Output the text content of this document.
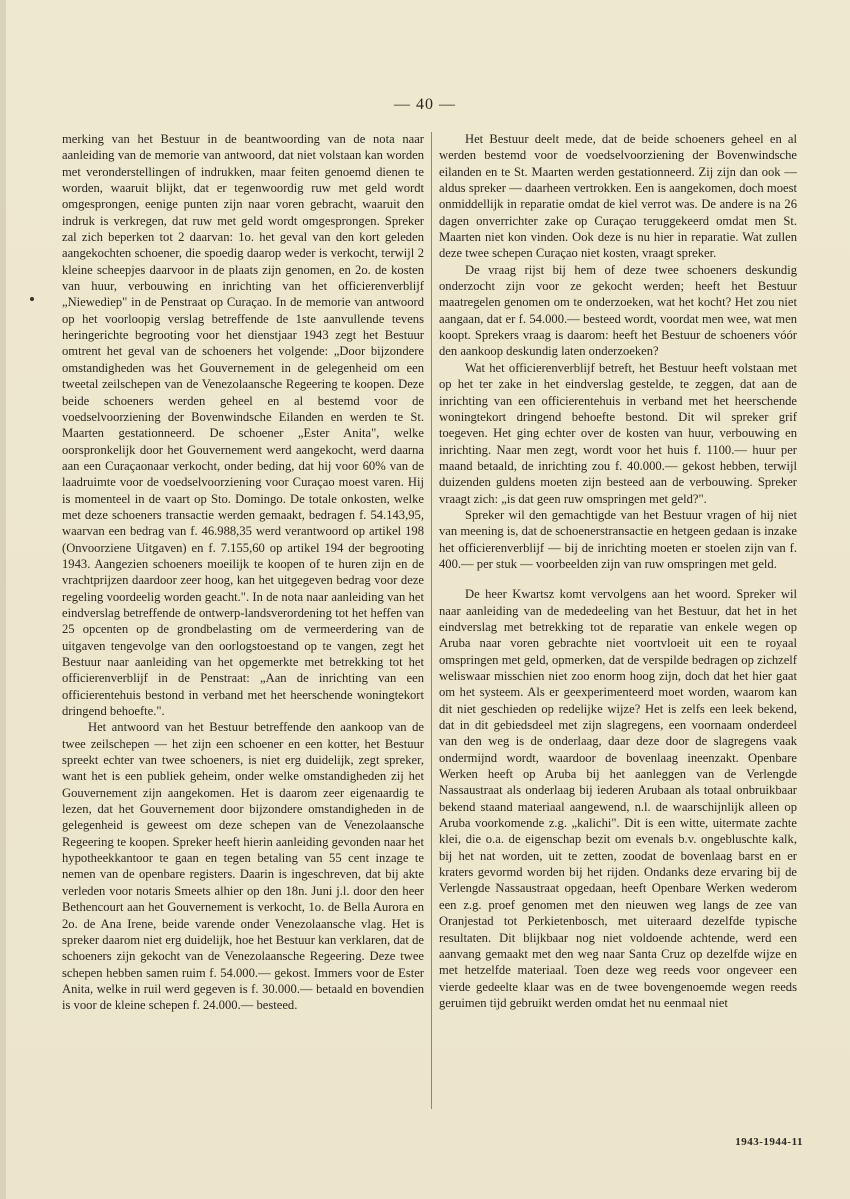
— 40 —

merking van het Bestuur in de beantwoording van de nota naar aanleiding van de memorie van antwoord, dat niet volstaan kan worden met veronderstellingen of indrukken, maar feiten genoemd dienen te worden, waaruit blijkt, dat er tegenwoordig ruw met geld wordt omgesprongen, eenige punten zijn naar voren gebracht, waaruit den indruk is verkregen, dat ruw met geld wordt omgesprongen. Spreker zal zich beperken tot 2 daarvan: 1o. het geval van den kort geleden aangekochten schoener, die spoedig daarop weder is verkocht, terwijl 2 kleine scheepjes daarvoor in de plaats zijn genomen, en 2o. de kosten van huur, verbouwing en inrichting van het officierenverblijf „Niewediep" in de Penstraat op Curaçao. In de memorie van antwoord op het voorloopig verslag betreffende de 1ste aanvullende tevens heringerichte begrooting voor het dienstjaar 1943 zegt het Bestuur omtrent het geval van de schoeners het volgende: „Door bijzondere omstandigheden was het Gouvernement in de gelegenheid om een tweetal zeilschepen van de Venezolaansche Regeering te koopen. Deze beide schoeners werden geheel en al bestemd voor de voedselvoorziening der Bovenwindsche Eilanden en werden te St. Maarten gestationneerd. De schoener „Ester Anita", welke oorspronkelijk door het Gouvernement werd aangekocht, werd daarna aan een Curaçaonaar verkocht, onder beding, dat hij voor 60% van de laadruimte voor de voedselvoorziening voor Curaçao moest varen. Hij is momenteel in de vaart op Sto. Domingo. De totale onkosten, welke met deze schoeners transactie werden gemaakt, bedragen f. 54.143,95, waarvan een bedrag van f. 46.988,35 werd verantwoord op artikel 198 (Onvoorziene Uitgaven) en f. 7.155,60 op artikel 194 der begrooting 1943. Aangezien schoeners moeilijk te koopen of te huren zijn en de vrachtprijzen daardoor zeer hoog, kan het uitgegeven bedrag voor deze regeling voordeelig worden geacht.". In de nota naar aanleiding van het eindverslag betreffende de ontwerp-landsverordening tot het heffen van 25 opcenten op de grondbelasting om de vermeerdering van de uitgaven tengevolge van den oorlogstoestand op te vangen, zegt het Bestuur naar aanleiding van het opgemerkte met betrekking tot het officierenverblijf in de Penstraat: „Aan de inrichting van een officierentehuis bestond in verband met het heerschende woningtekort dringend behoefte.".

Het antwoord van het Bestuur betreffende den aankoop van de twee zeilschepen — het zijn een schoener en een kotter, het Bestuur spreekt echter van twee schoeners, is niet erg duidelijk, zegt spreker, want het is een publiek geheim, onder welke omstandigheden zij het Gouvernement zijn aangekomen. Het is daarom zeer eigenaardig te lezen, dat het Gouvernement door bijzondere omstandigheden in de gelegenheid is geweest om deze schepen van de Venezolaansche Regeering te koopen. Spreker heeft hierin aanleiding gevonden naar het hypotheekkantoor te gaan en tegen betaling van 55 cent inzage te nemen van de openbare registers. Daarin is ingeschreven, dat bij akte verleden voor notaris Smeets alhier op den 18n. Juni j.l. door den heer Bethencourt aan het Gouvernement is verkocht, 1o. de Bella Aurora en 2o. de Ana Irene, beide varende onder Venezolaansche vlag. Het is spreker daarom niet erg duidelijk, hoe het Bestuur kan verklaren, dat de schoeners zijn gekocht van de Venezolaansche Regeering. Deze twee schepen hebben samen ruim f. 54.000.— gekost. Immers voor de Ester Anita, welke in ruil werd gegeven is f. 30.000.— betaald en bovendien is voor de kleine schepen f. 24.000.— besteed.

Het Bestuur deelt mede, dat de beide schoeners geheel en al werden bestemd voor de voedselvoorziening der Bovenwindsche eilanden en te St. Maarten werden gestationneerd. Zij zijn dan ook — aldus spreker — daarheen vertrokken. Een is aangekomen, doch moest onmiddellijk in reparatie omdat de kiel verrot was. De andere is na 26 dagen onverrichter zake op Curaçao teruggekeerd omdat men St. Maarten niet kon vinden. Ook deze is nu hier in reparatie. Wat zullen deze twee schepen Curaçao niet kosten, vraagt spreker.

De vraag rijst bij hem of deze twee schoeners deskundig onderzocht zijn voor ze gekocht werden; heeft het Bestuur maatregelen genomen om te onderzoeken, wat het kocht? Het zou niet aangaan, dat er f. 54.000.— besteed wordt, voordat men wee, wat men koopt. Sprekers vraag is daarom: heeft het Bestuur de schoeners vóór den aankoop deskundig laten onderzoeken?

Wat het officierenverblijf betreft, het Bestuur heeft volstaan met op het ter zake in het eindverslag gestelde, te zeggen, dat aan de inrichting van een officierentehuis in verband met het heerschende woningtekort dringend behoefte bestond. Dit wil spreker grif toegeven. Het ging echter over de kosten van huur, verbouwing en inrichting. Naar men zegt, wordt voor het huis f. 1100.— huur per maand betaald, de inrichting zou f. 40.000.— gekost hebben, terwijl duizenden guldens moeten zijn besteed aan de verbouwing. Spreker vraagt zich: „is dat geen ruw omspringen met geld?".

Spreker wil den gemachtigde van het Bestuur vragen of hij niet van meening is, dat de schoenerstransactie en hetgeen gedaan is inzake het officierenverblijf — bij de inrichting moeten er stoelen zijn van f. 400.— per stuk — voorbeelden zijn van ruw omspringen met geld.

De heer Kwartsz komt vervolgens aan het woord. Spreker wil naar aanleiding van de mededeeling van het Bestuur, dat het in het eindverslag met betrekking tot de reparatie van enkele wegen op Aruba naar voren gebrachte niet voortvloeit uit een te royaal omspringen met geld, opmerken, dat de verspilde bedragen op zichzelf weliswaar misschien niet zoo enorm hoog zijn, doch dat het hier gaat om het systeem. Als er geexperimenteerd moet worden, waarom kan dit niet geschieden op redelijke wijze? Het is zelfs een leek bekend, dat in dit gebiedsdeel met zijn slagregens, een voornaam onderdeel van den weg is de onderlaag, daar deze door de slagregens vaak ondermijnd wordt, waardoor de bovenlaag ineenzakt. Openbare Werken heeft op Aruba bij het aanleggen van de Verlengde Nassaustraat als onderlaag bij iederen Arubaan als totaal onbruikbaar bekend staand materiaal aangewend, n.l. de waarschijnlijk alleen op Aruba voorkomende z.g. „kalichi". Dit is een witte, uitermate zachte klei, die o.a. de eigenschap bezit om evenals b.v. ongebluschte kalk, bij het nat worden, uit te zetten, zoodat de bovenlaag barst en er kraters gevormd worden bij het rijden. Ondanks deze ervaring bij de Verlengde Nassaustraat opgedaan, heeft Openbare Werken wederom een z.g. proef genomen met den nieuwen weg langs de zee van Oranjestad tot Perkietenbosch, met uiteraard dezelfde typische resultaten. Dit blijkbaar nog niet voldoende achtende, werd een aanvang gemaakt met den weg naar Santa Cruz op dezelfde wijze en met hetzelfde materiaal. Toen deze weg reeds voor ongeveer een vierde gedeelte klaar was en de twee bovengenoemde wegen reeds geruimen tijd gebruikt werden omdat het nu eenmaal niet

1943-1944-11
